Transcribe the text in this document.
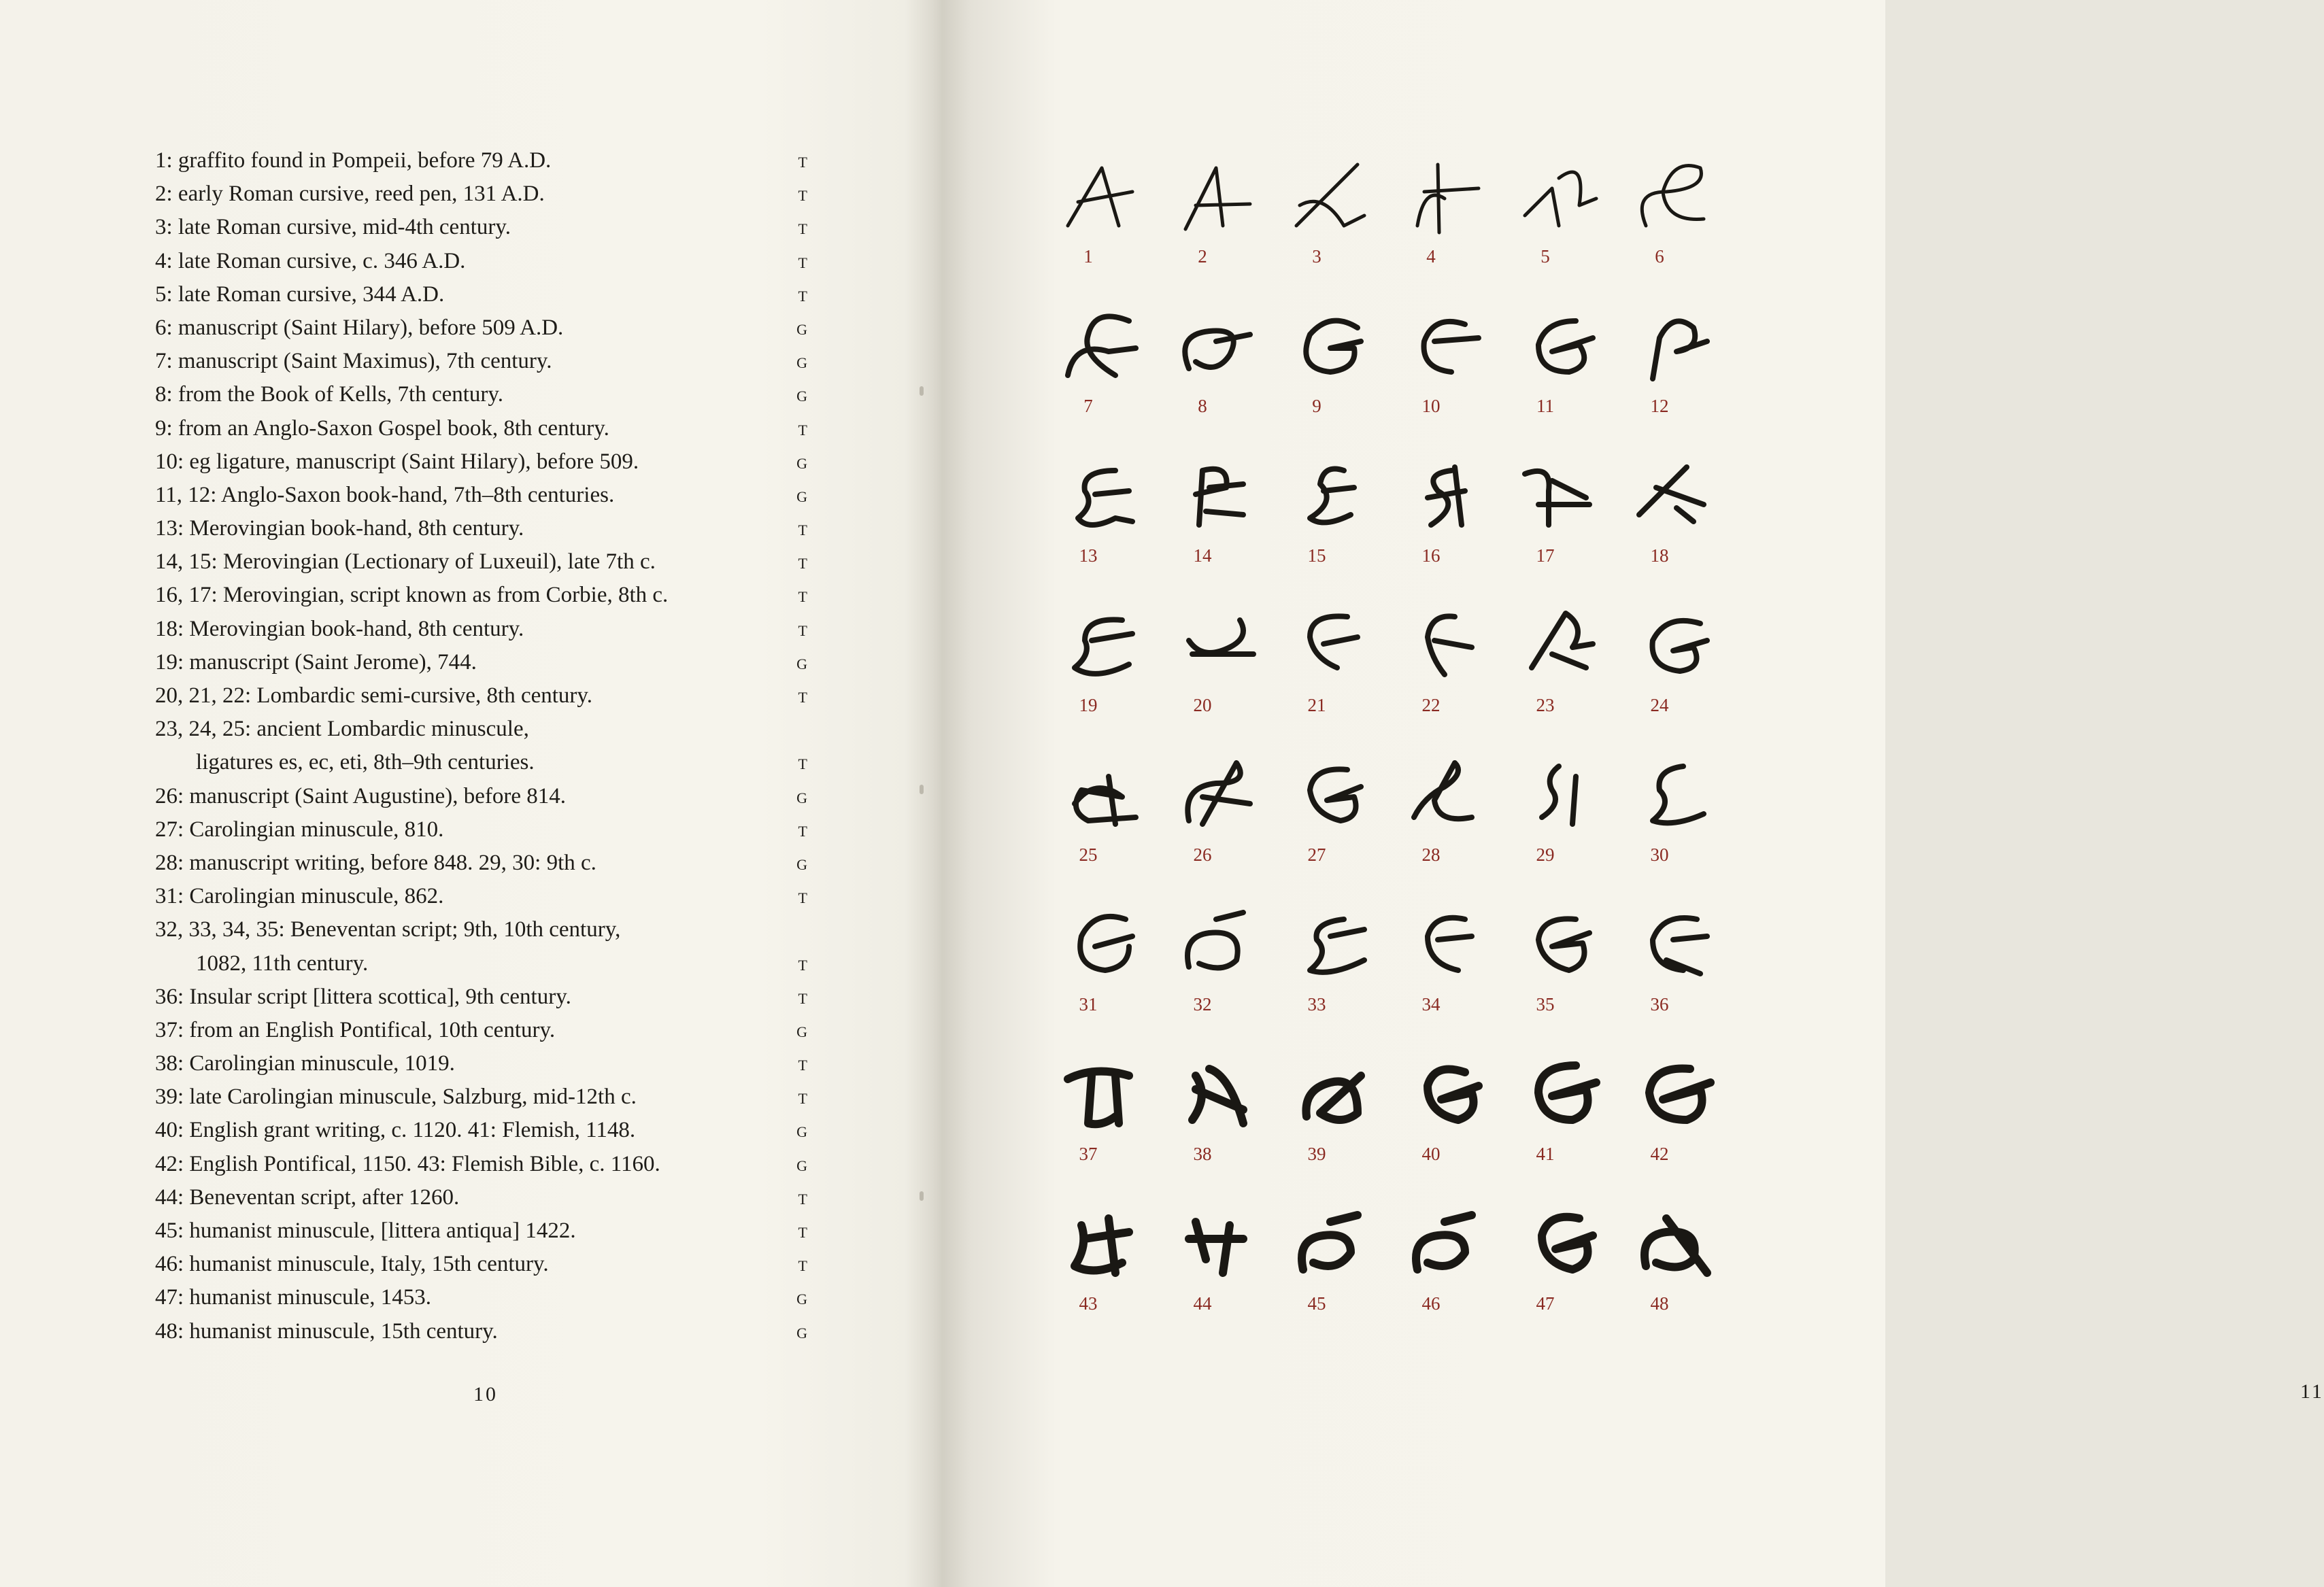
1: graffito found in Pompeii, before 79 A.D.	T
2: early Roman cursive, reed pen, 131 A.D.	T
3: late Roman cursive, mid-4th century.	T
4: late Roman cursive, c. 346 A.D.	T
5: late Roman cursive, 344 A.D.	T
6: manuscript (Saint Hilary), before 509 A.D.	G
7: manuscript (Saint Maximus), 7th century.	G
8: from the Book of Kells, 7th century.	G
9: from an Anglo-Saxon Gospel book, 8th century.	T
10: eg ligature, manuscript (Saint Hilary), before 509.	G
11, 12: Anglo-Saxon book-hand, 7th–8th centuries.	G
13: Merovingian book-hand, 8th century.	T
14, 15: Merovingian (Lectionary of Luxeuil), late 7th c.	T
16, 17: Merovingian, script known as from Corbie, 8th c.	T
18: Merovingian book-hand, 8th century.	T
19: manuscript (Saint Jerome), 744.	G
20, 21, 22: Lombardic semi-cursive, 8th century.	T
23, 24, 25: ancient Lombardic minuscule,
ligatures es, ec, eti, 8th–9th centuries.	T
26: manuscript (Saint Augustine), before 814.	G
27: Carolingian minuscule, 810.	T
28: manuscript writing, before 848. 29, 30: 9th c.	G
31: Carolingian minuscule, 862.	T
32, 33, 34, 35: Beneventan script; 9th, 10th century,
1082, 11th century.	T
36: Insular script [littera scottica], 9th century.	T
37: from an English Pontifical, 10th century.	G
38: Carolingian minuscule, 1019.	T
39: late Carolingian minuscule, Salzburg, mid-12th c.	T
40: English grant writing, c. 1120. 41: Flemish, 1148.	G
42: English Pontifical, 1150. 43: Flemish Bible, c. 1160.	G
44: Beneventan script, after 1260.	T
45: humanist minuscule, [littera antiqua] 1422.	T
46: humanist minuscule, Italy, 15th century.	T
47: humanist minuscule, 1453.	G
48: humanist minuscule, 15th century.	G
10	11
1	2	3	4	5	6
7	8	9	10	11	12
13	14	15	16	17	18
19	20	21	22	23	24
25	26	27	28	29	30
31	32	33	34	35	36
37	38	39	40	41	42
43	44	45	46	47	48
